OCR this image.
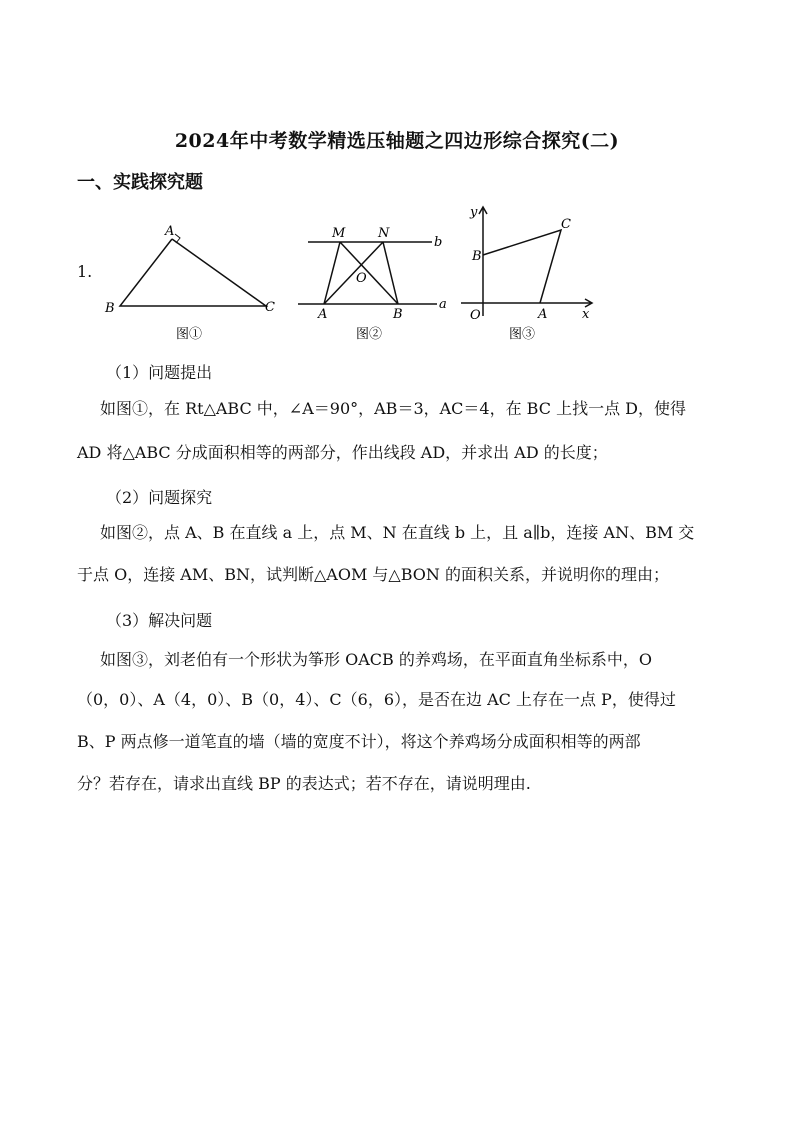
2024年中考数学精选压轴题之四边形综合探究(二)
一、实践探究题
1.
A
B	C
图①
M	N
b
O
A	B
a
图②
y
C
B
O	A	x
图③
（1）问题提出
如图①，在 Rt△ABC 中，∠A＝90°，AB＝3，AC＝4，在 BC 上找一点 D，使得
AD 将△ABC 分成面积相等的两部分，作出线段 AD，并求出 AD 的长度；
（2）问题探究
如图②，点 A、B 在直线 a 上，点 M、N 在直线 b 上，且 a∥b，连接 AN、BM 交
于点 O，连接 AM、BN，试判断△AOM 与△BON 的面积关系，并说明你的理由；
（3）解决问题
如图③，刘老伯有一个形状为筝形 OACB 的养鸡场，在平面直角坐标系中，O
（0，0）、A（4，0）、B（0，4）、C（6，6），是否在边 AC 上存在一点 P，使得过
B、P 两点修一道笔直的墙（墙的宽度不计），将这个养鸡场分成面积相等的两部
分？若存在，请求出直线 BP 的表达式；若不存在，请说明理由.
